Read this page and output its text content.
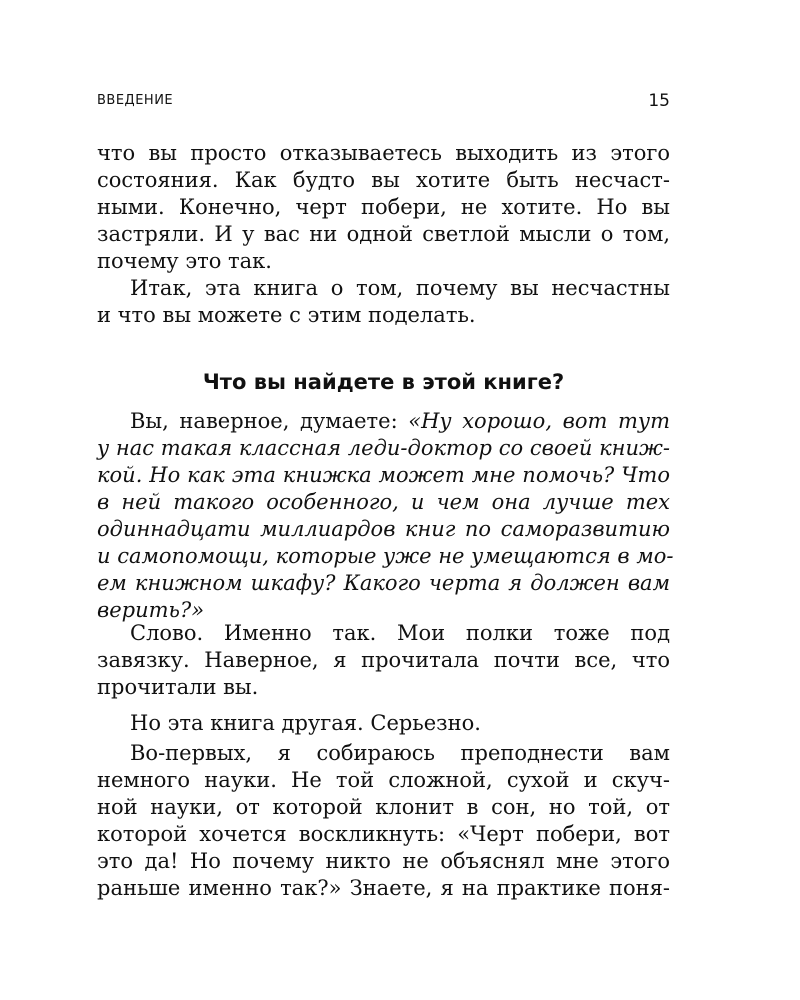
ВВЕДЕНИЕ	15
что вы просто отказываетесь выходить из этого
состояния. Как будто вы хотите быть несчаст-
ными. Конечно, черт побери, не хотите. Но вы
застряли. И у вас ни одной светлой мысли о том,
почему это так.
Итак, эта книга о том, почему вы несчастны
и что вы можете с этим поделать.
Что вы найдете в этой книге?
Вы, наверное, думаете: «Ну хорошо, вот тут
у нас такая классная леди-доктор со своей книж-
кой. Но как эта книжка может мне помочь? Что
в ней такого особенного, и чем она лучше тех
одиннадцати миллиардов книг по саморазвитию
и самопомощи, которые уже не умещаются в мо-
ем книжном шкафу? Какого черта я должен вам
верить?»
Слово. Именно так. Мои полки тоже под
завязку. Наверное, я прочитала почти все, что
прочитали вы.
Но эта книга другая. Серьезно.
Во-первых, я собираюсь преподнести вам
немного науки. Не той сложной, сухой и скуч-
ной науки, от которой клонит в сон, но той, от
которой хочется воскликнуть: «Черт побери, вот
это да! Но почему никто не объяснял мне этого
раньше именно так?» Знаете, я на практике поня-
